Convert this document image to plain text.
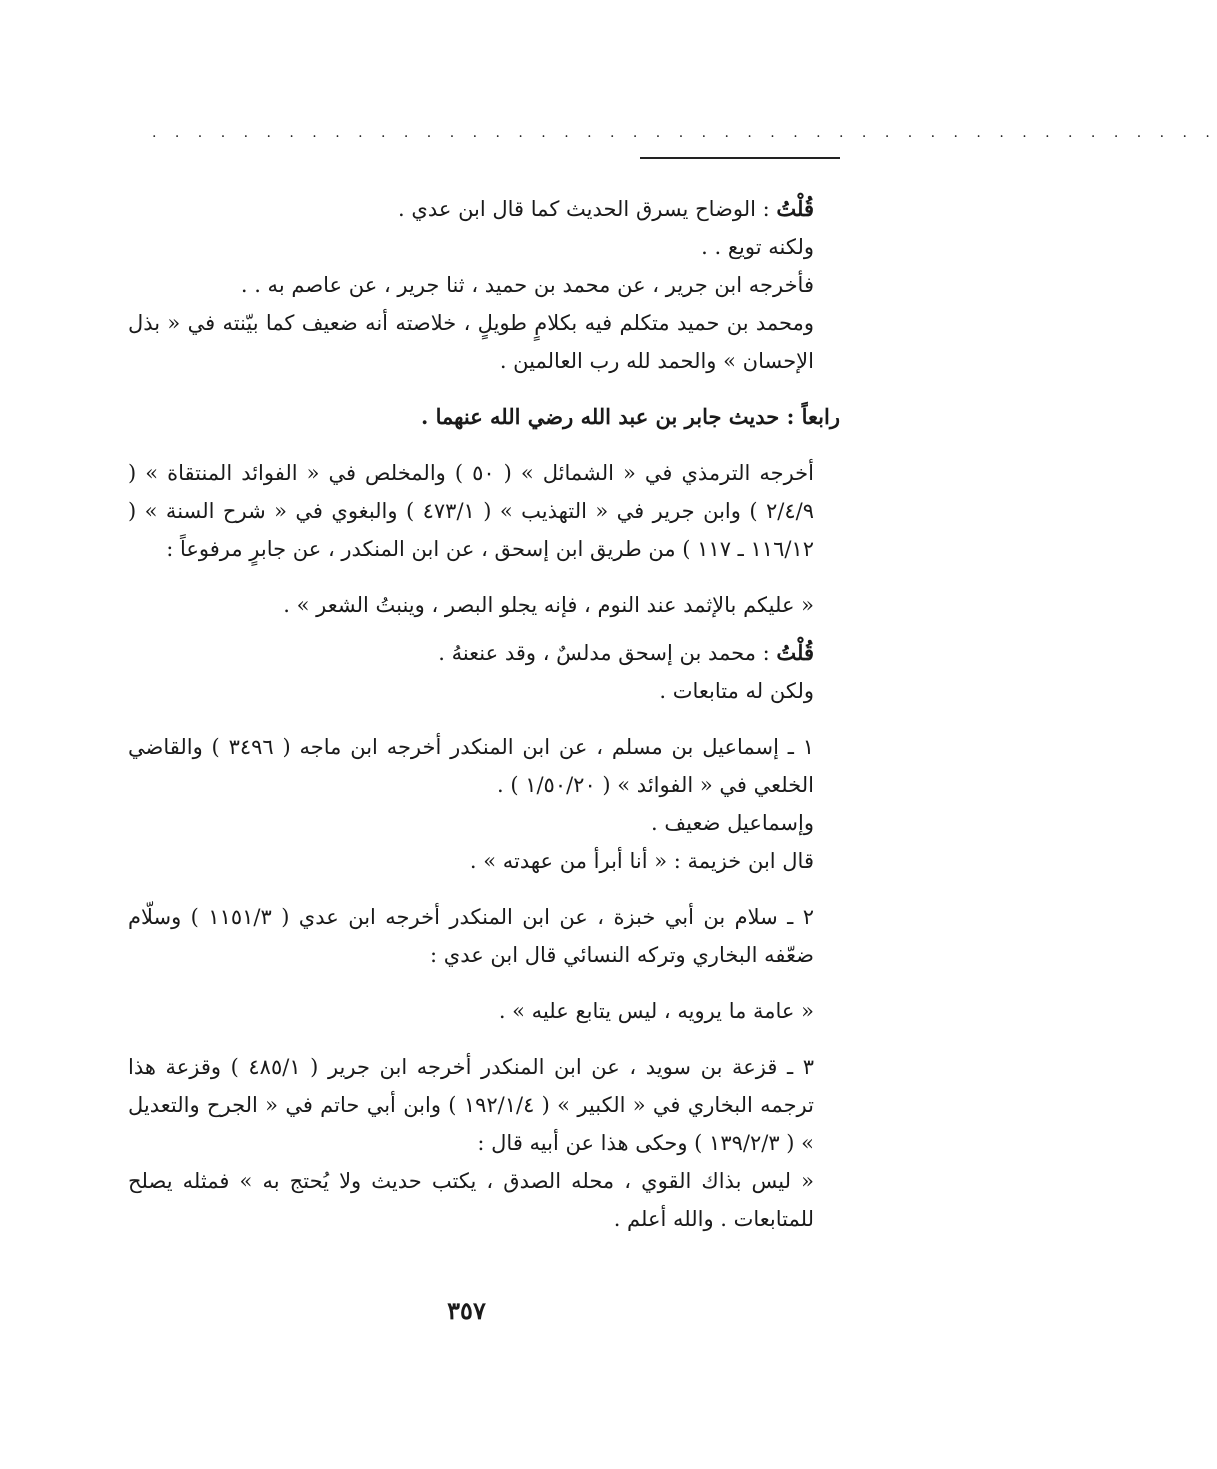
. . . . . . . . . . . . . . . . . . . . . . . . . . . . . . . . . . . . . . . . . . . . . . .

قُلْتُ : الوضاح يسرق الحديث كما قال ابن عدي .

ولكنه تويع . .

فأخرجه ابن جرير ، عن محمد بن حميد ، ثنا جرير ، عن عاصم به . .

ومحمد بن حميد متكلم فيه بكلامٍ طويلٍ ، خلاصته أنه ضعيف كما بيّنته في « بذل الإحسان » والحمد لله رب العالمين .

رابعاً : حديث جابر بن عبد الله رضي الله عنهما .

أخرجه الترمذي في « الشمائل » ( ٥٠ ) والمخلص في « الفوائد المنتقاة » ( ٢/٤/٩ ) وابن جرير في « التهذيب » ( ٤٧٣/١ ) والبغوي في « شرح السنة » ( ١١٦/١٢ ـ ١١٧ ) من طريق ابن إسحق ، عن ابن المنكدر ، عن جابرٍ مرفوعاً :

« عليكم بالإثمد عند النوم ، فإنه يجلو البصر ، وينبتُ الشعر » .

قُلْتُ : محمد بن إسحق مدلسٌ ، وقد عنعنهُ .

ولكن له متابعات .

١ ـ إسماعيل بن مسلم ، عن ابن المنكدر أخرجه ابن ماجه ( ٣٤٩٦ ) والقاضي الخلعي في « الفوائد » ( ١/٥٠/٢٠ ) .

وإسماعيل ضعيف .

قال ابن خزيمة : « أنا أبرأ من عهدته » .

٢ ـ سلام بن أبي خبزة ، عن ابن المنكدر أخرجه ابن عدي ( ١١٥١/٣ ) وسلّام ضعّفه البخاري وتركه النسائي قال ابن عدي :

« عامة ما يرويه ، ليس يتابع عليه » .

٣ ـ قزعة بن سويد ، عن ابن المنكدر أخرجه ابن جرير ( ٤٨٥/١ ) وقزعة هذا ترجمه البخاري في « الكبير » ( ١٩٢/١/٤ ) وابن أبي حاتم في « الجرح والتعديل » ( ١٣٩/٢/٣ ) وحكى هذا عن أبيه قال :

« ليس بذاك القوي ، محله الصدق ، يكتب حديث ولا يُحتج به » فمثله يصلح للمتابعات . والله أعلم .

٣٥٧
